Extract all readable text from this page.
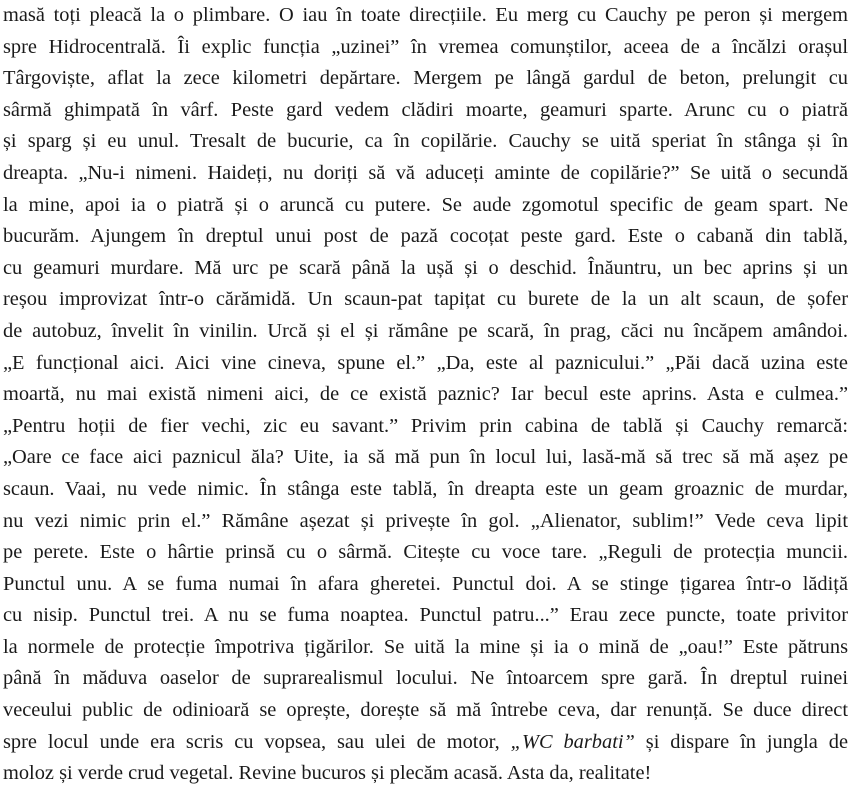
masă toți pleacă la o plimbare. O iau în toate direcțiile. Eu merg cu Cauchy pe peron și mergem
spre Hidrocentrală. Îi explic funcția „uzinei” în vremea comunștilor, aceea de a încălzi orașul
Târgoviște, aflat la zece kilometri depărtare. Mergem pe lângă gardul de beton, prelungit cu
sârmă ghimpată în vârf. Peste gard vedem clădiri moarte, geamuri sparte. Arunc cu o piatră
și sparg și eu unul. Tresalt de bucurie, ca în copilărie. Cauchy se uită speriat în stânga și în
dreapta. „Nu-i nimeni. Haideți, nu doriți să vă aduceți aminte de copilărie?” Se uită o secundă
la mine, apoi ia o piatră și o aruncă cu putere. Se aude zgomotul specific de geam spart. Ne
bucurăm. Ajungem în dreptul unui post de pază cocoțat peste gard. Este o cabană din tablă,
cu geamuri murdare. Mă urc pe scară până la ușă și o deschid. Înăuntru, un bec aprins și un
reșou improvizat într-o cărămidă. Un scaun-pat tapițat cu burete de la un alt scaun, de șofer
de autobuz, învelit în vinilin. Urcă și el și rămâne pe scară, în prag, căci nu încăpem amândoi.
„E funcțional aici. Aici vine cineva, spune el.” „Da, este al paznicului.” „Păi dacă uzina este
moartă, nu mai există nimeni aici, de ce există paznic? Iar becul este aprins. Asta e culmea.”
„Pentru hoții de fier vechi, zic eu savant.” Privim prin cabina de tablă și Cauchy remarcă:
„Oare ce face aici paznicul ăla? Uite, ia să mă pun în locul lui, lasă-mă să trec să mă așez pe
scaun. Vaai, nu vede nimic. În stânga este tablă, în dreapta este un geam groaznic de murdar,
nu vezi nimic prin el.” Rămâne așezat și privește în gol. „Alienator, sublim!” Vede ceva lipit
pe perete. Este o hârtie prinsă cu o sârmă. Citește cu voce tare. „Reguli de protecția muncii.
Punctul unu. A se fuma numai în afara gheretei. Punctul doi. A se stinge țigarea într-o lădiță
cu nisip. Punctul trei. A nu se fuma noaptea. Punctul patru...” Erau zece puncte, toate privitor
la normele de protecție împotriva țigărilor. Se uită la mine și ia o mină de „oau!” Este pătruns
până în măduva oaselor de suprarealismul locului. Ne întoarcem spre gară. În dreptul ruinei
veceului public de odinioară se oprește, dorește să mă întrebe ceva, dar renunță. Se duce direct
spre locul unde era scris cu vopsea, sau ulei de motor, „WC barbati” și dispare în jungla de
moloz și verde crud vegetal. Revine bucuros și plecăm acasă. Asta da, realitate!
